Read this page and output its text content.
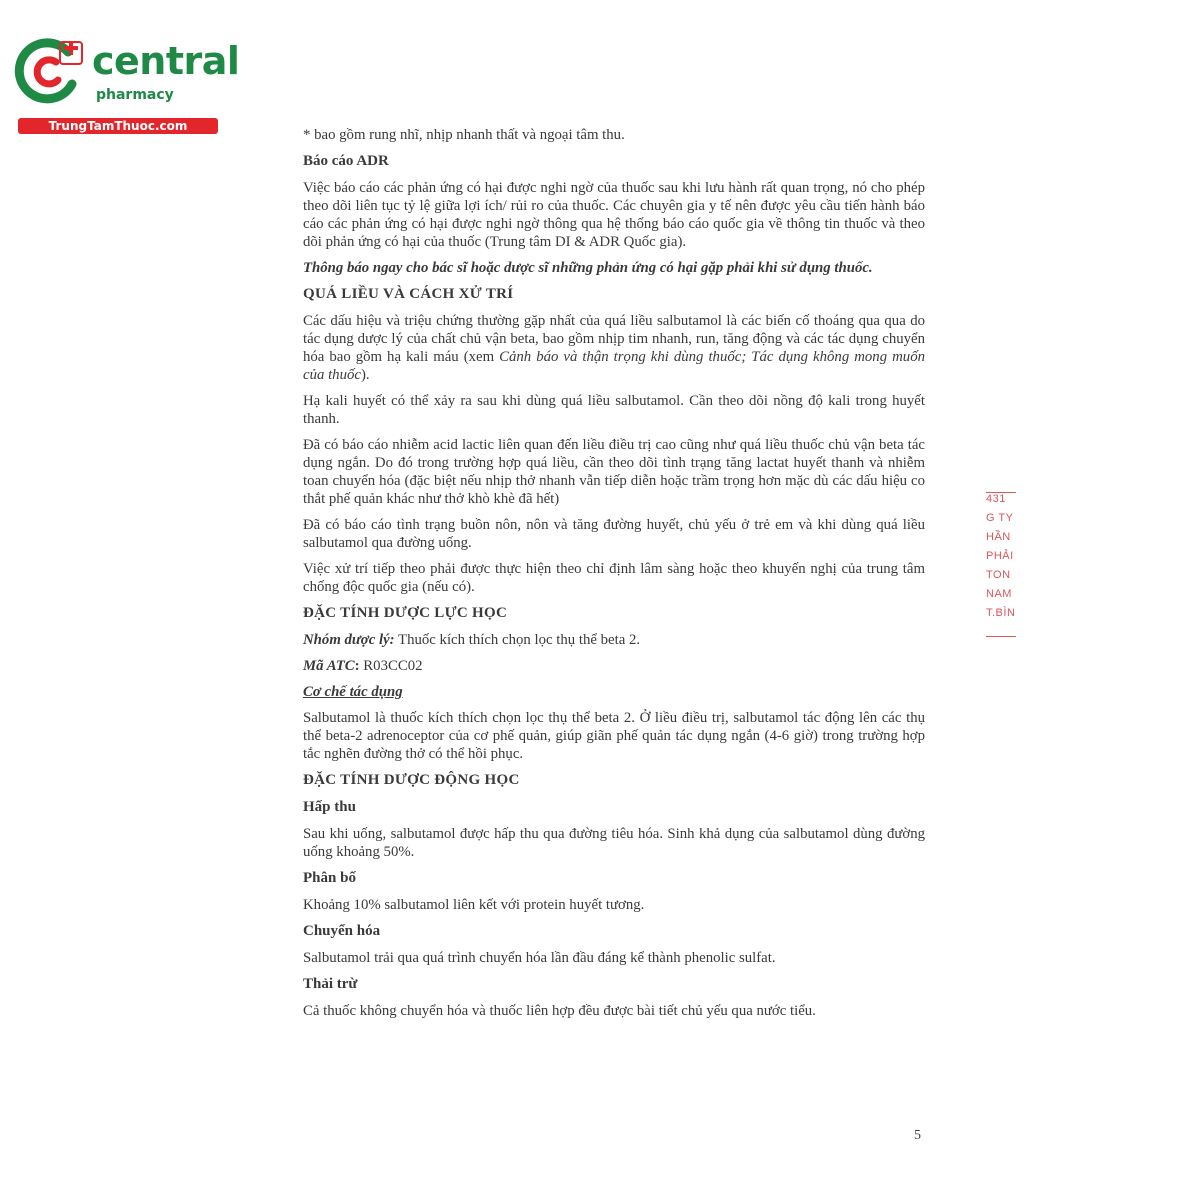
central
pharmacy
TrungTamThuoc.com

* bao gồm rung nhĩ, nhịp nhanh thất và ngoại tâm thu.

Báo cáo ADR

Việc báo cáo các phản ứng có hại được nghi ngờ của thuốc sau khi lưu hành rất quan trọng, nó cho phép theo dõi liên tục tỷ lệ giữa lợi ích/ rủi ro của thuốc. Các chuyên gia y tế nên được yêu cầu tiến hành báo cáo các phản ứng có hại được nghi ngờ thông qua hệ thống báo cáo quốc gia về thông tin thuốc và theo dõi phản ứng có hại của thuốc (Trung tâm DI & ADR Quốc gia).

Thông báo ngay cho bác sĩ hoặc dược sĩ những phản ứng có hại gặp phải khi sử dụng thuốc.

QUÁ LIỀU VÀ CÁCH XỬ TRÍ

Các dấu hiệu và triệu chứng thường gặp nhất của quá liều salbutamol là các biến cố thoáng qua qua do tác dụng dược lý của chất chủ vận beta, bao gồm nhịp tim nhanh, run, tăng động và các tác dụng chuyển hóa bao gồm hạ kali máu (xem Cảnh báo và thận trọng khi dùng thuốc; Tác dụng không mong muốn của thuốc).

Hạ kali huyết có thể xảy ra sau khi dùng quá liều salbutamol. Cần theo dõi nồng độ kali trong huyết thanh.

Đã có báo cáo nhiễm acid lactic liên quan đến liều điều trị cao cũng như quá liều thuốc chủ vận beta tác dụng ngắn. Do đó trong trường hợp quá liều, cần theo dõi tình trạng tăng lactat huyết thanh và nhiễm toan chuyển hóa (đặc biệt nếu nhịp thở nhanh vẫn tiếp diễn hoặc trầm trọng hơn mặc dù các dấu hiệu co thắt phế quản khác như thở khò khè đã hết)

Đã có báo cáo tình trạng buồn nôn, nôn và tăng đường huyết, chủ yếu ở trẻ em và khi dùng quá liều salbutamol qua đường uống.

Việc xử trí tiếp theo phải được thực hiện theo chỉ định lâm sàng hoặc theo khuyến nghị của trung tâm chống độc quốc gia (nếu có).

ĐẶC TÍNH DƯỢC LỰC HỌC

Nhóm dược lý: Thuốc kích thích chọn lọc thụ thể beta 2.

Mã ATC: R03CC02

Cơ chế tác dụng

Salbutamol là thuốc kích thích chọn lọc thụ thể beta 2. Ở liều điều trị, salbutamol tác động lên các thụ thể beta-2 adrenoceptor của cơ phế quản, giúp giãn phế quản tác dụng ngắn (4-6 giờ) trong trường hợp tắc nghẽn đường thở có thể hồi phục.

ĐẶC TÍNH DƯỢC ĐỘNG HỌC
Hấp thu

Sau khi uống, salbutamol được hấp thu qua đường tiêu hóa. Sinh khả dụng của salbutamol dùng đường uống khoảng 50%.

Phân bố

Khoảng 10% salbutamol liên kết với protein huyết tương.

Chuyển hóa

Salbutamol trải qua quá trình chuyển hóa lần đầu đáng kể thành phenolic sulfat.

Thải trừ

Cả thuốc không chuyển hóa và thuốc liên hợp đều được bài tiết chủ yếu qua nước tiểu.

5
431
G TY
HẦN
PHẢI
TON
NAM
T.BÌN
